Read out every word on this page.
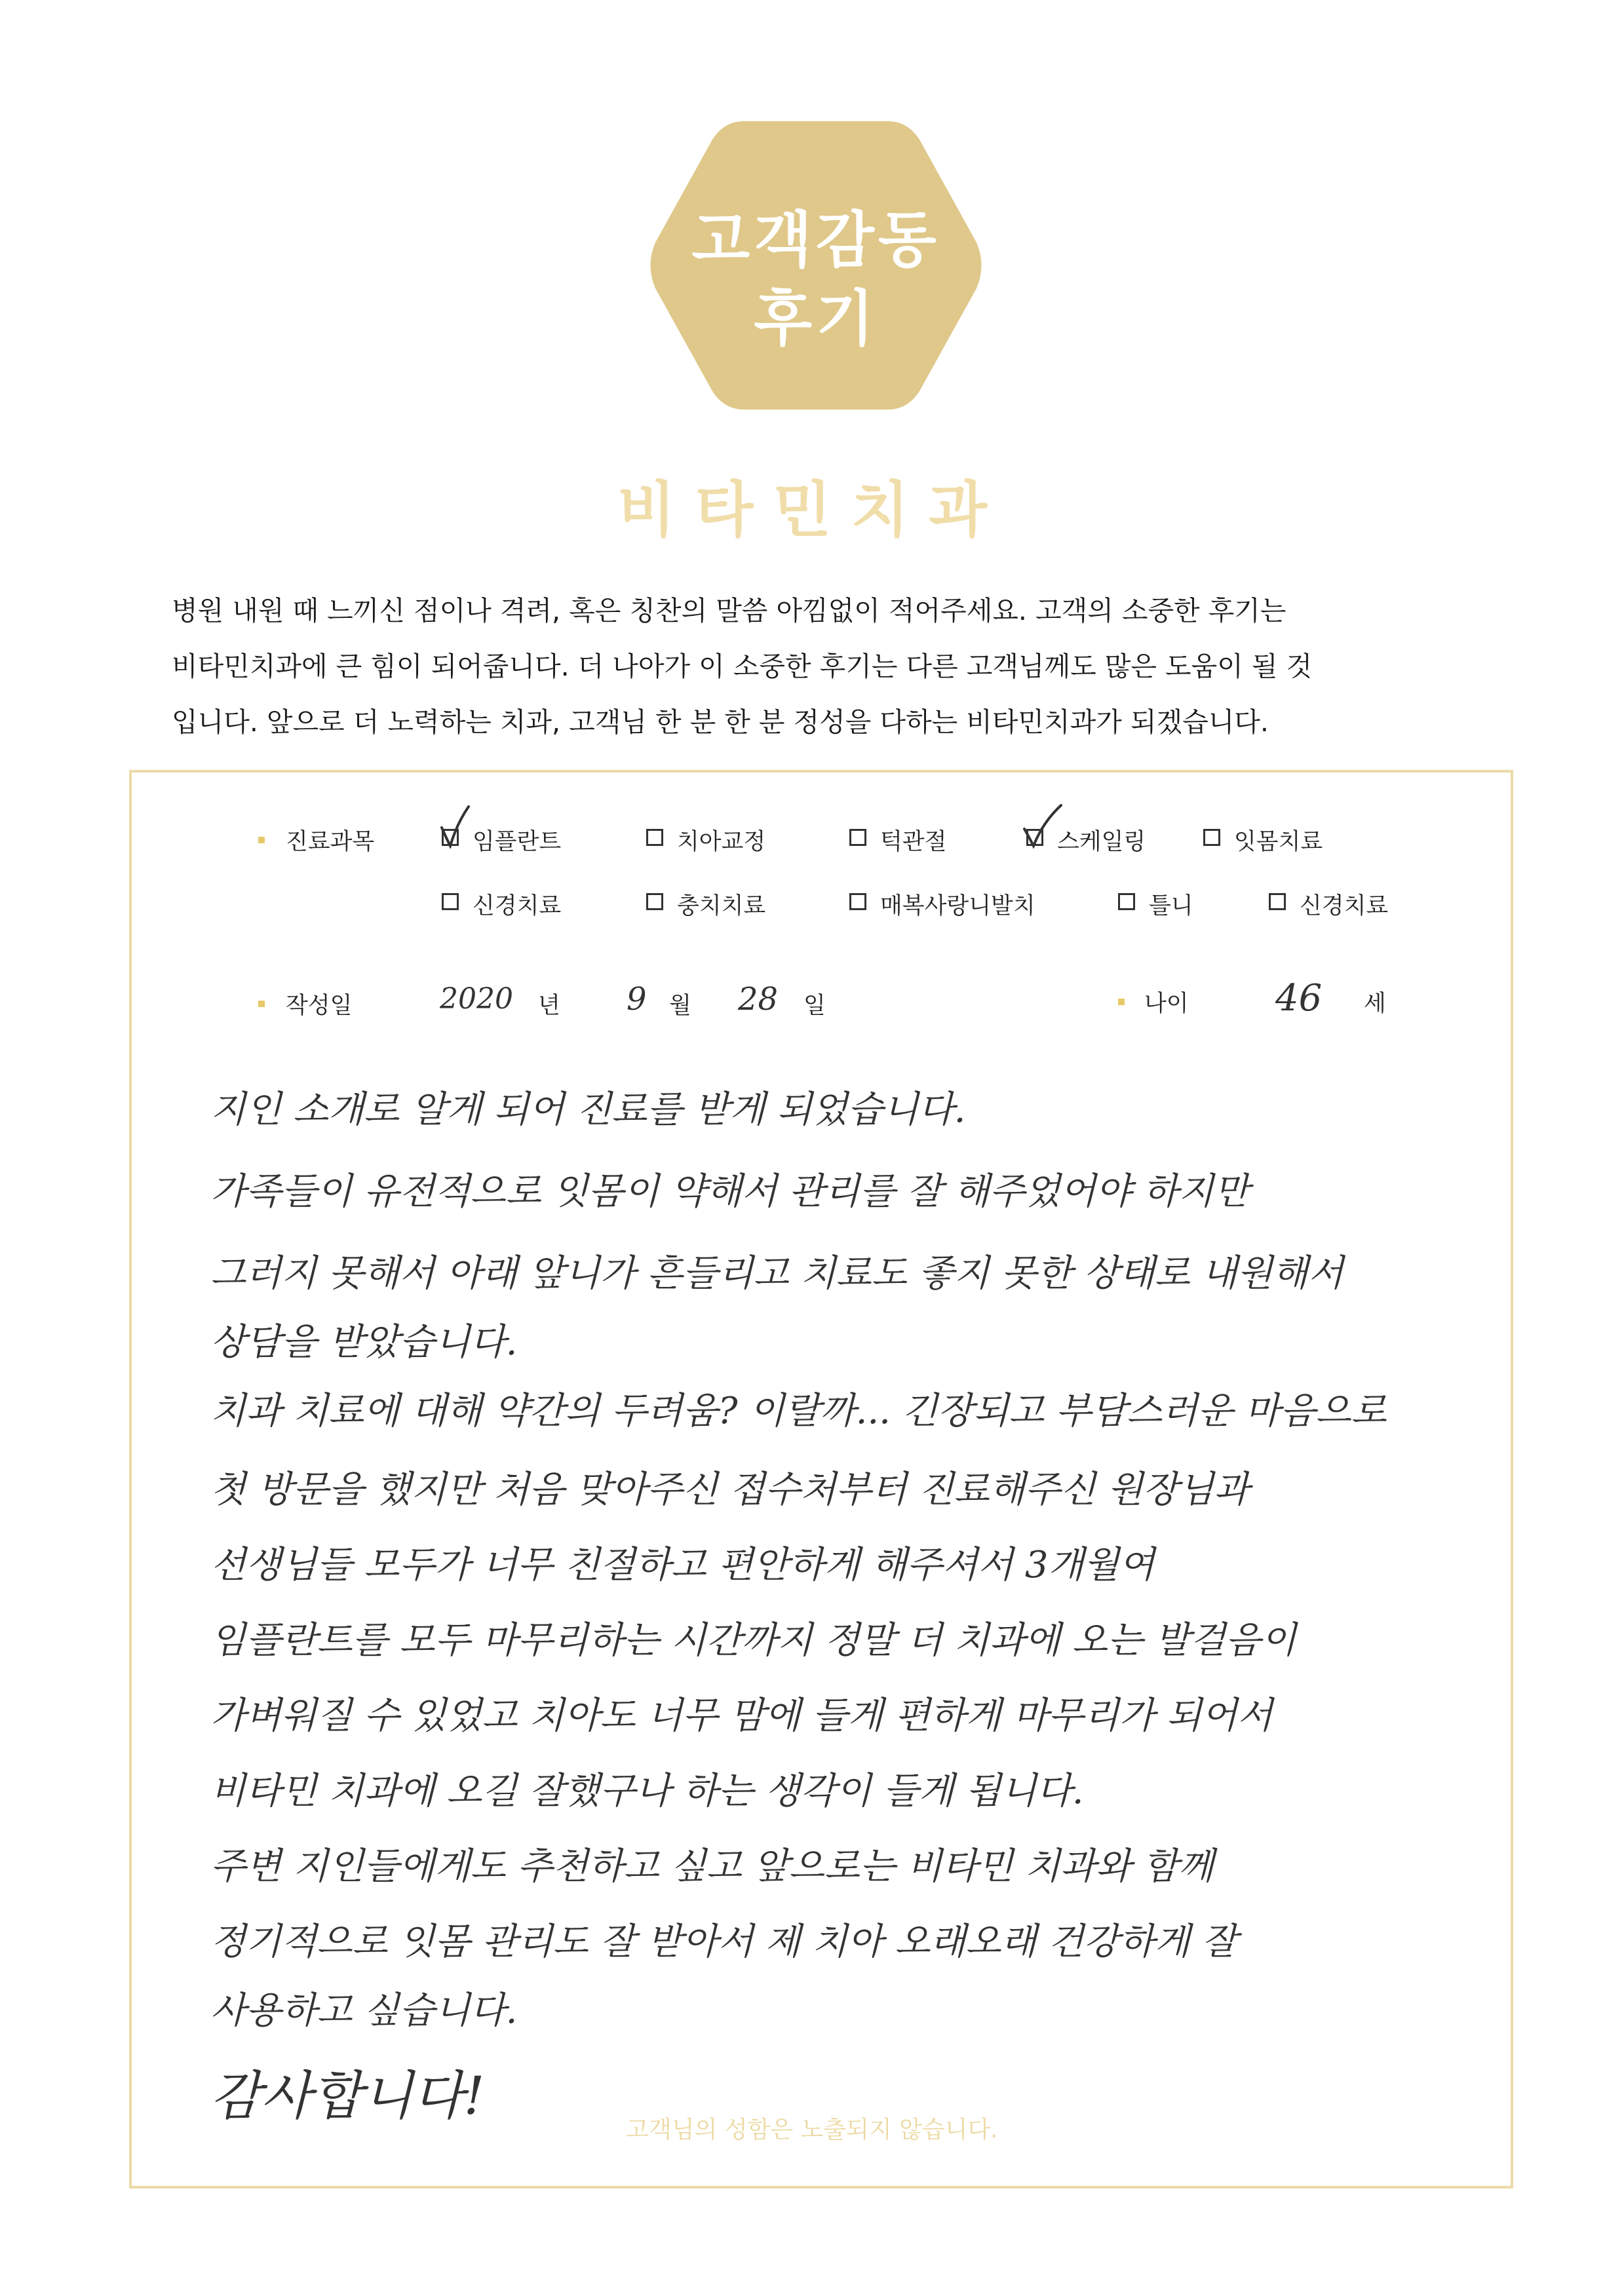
고객감동
후기
비타민치과
병원 내원 때 느끼신 점이나 격려, 혹은 칭찬의 말씀 아낌없이 적어주세요. 고객의 소중한 후기는
비타민치과에 큰 힘이 되어줍니다. 더 나아가 이 소중한 후기는 다른 고객님께도 많은 도움이 될 것
입니다. 앞으로 더 노력하는 치과, 고객님 한 분 한 분 정성을 다하는 비타민치과가 되겠습니다.
진료과목	임플란트	치아교정	턱관절	스케일링	잇몸치료
신경치료	충치치료	매복사랑니발치	틀니	신경치료
작성일	2020 년 9 월 28 일	나이 46 세
지인 소개로 알게 되어 진료를 받게 되었습니다.
가족들이 유전적으로 잇몸이 약해서 관리를 잘 해주었어야 하지만
그러지 못해서 아래 앞니가 흔들리고 치료도 좋지 못한 상태로 내원해서
상담을 받았습니다.
치과 치료에 대해 약간의 두려움? 이랄까... 긴장되고 부담스러운 마음으로
첫 방문을 했지만 처음 맞아주신 접수처부터 진료해주신 원장님과
선생님들 모두가 너무 친절하고 편안하게 해주셔서 3개월여
임플란트를 모두 마무리하는 시간까지 정말 더 치과에 오는 발걸음이
가벼워질 수 있었고 치아도 너무 맘에 들게 편하게 마무리가 되어서
비타민 치과에 오길 잘했구나 하는 생각이 들게 됩니다.
주변 지인들에게도 추천하고 싶고 앞으로는 비타민 치과와 함께
정기적으로 잇몸 관리도 잘 받아서 제 치아 오래오래 건강하게 잘
사용하고 싶습니다.
감사합니다!
고객님의 성함은 노출되지 않습니다.
